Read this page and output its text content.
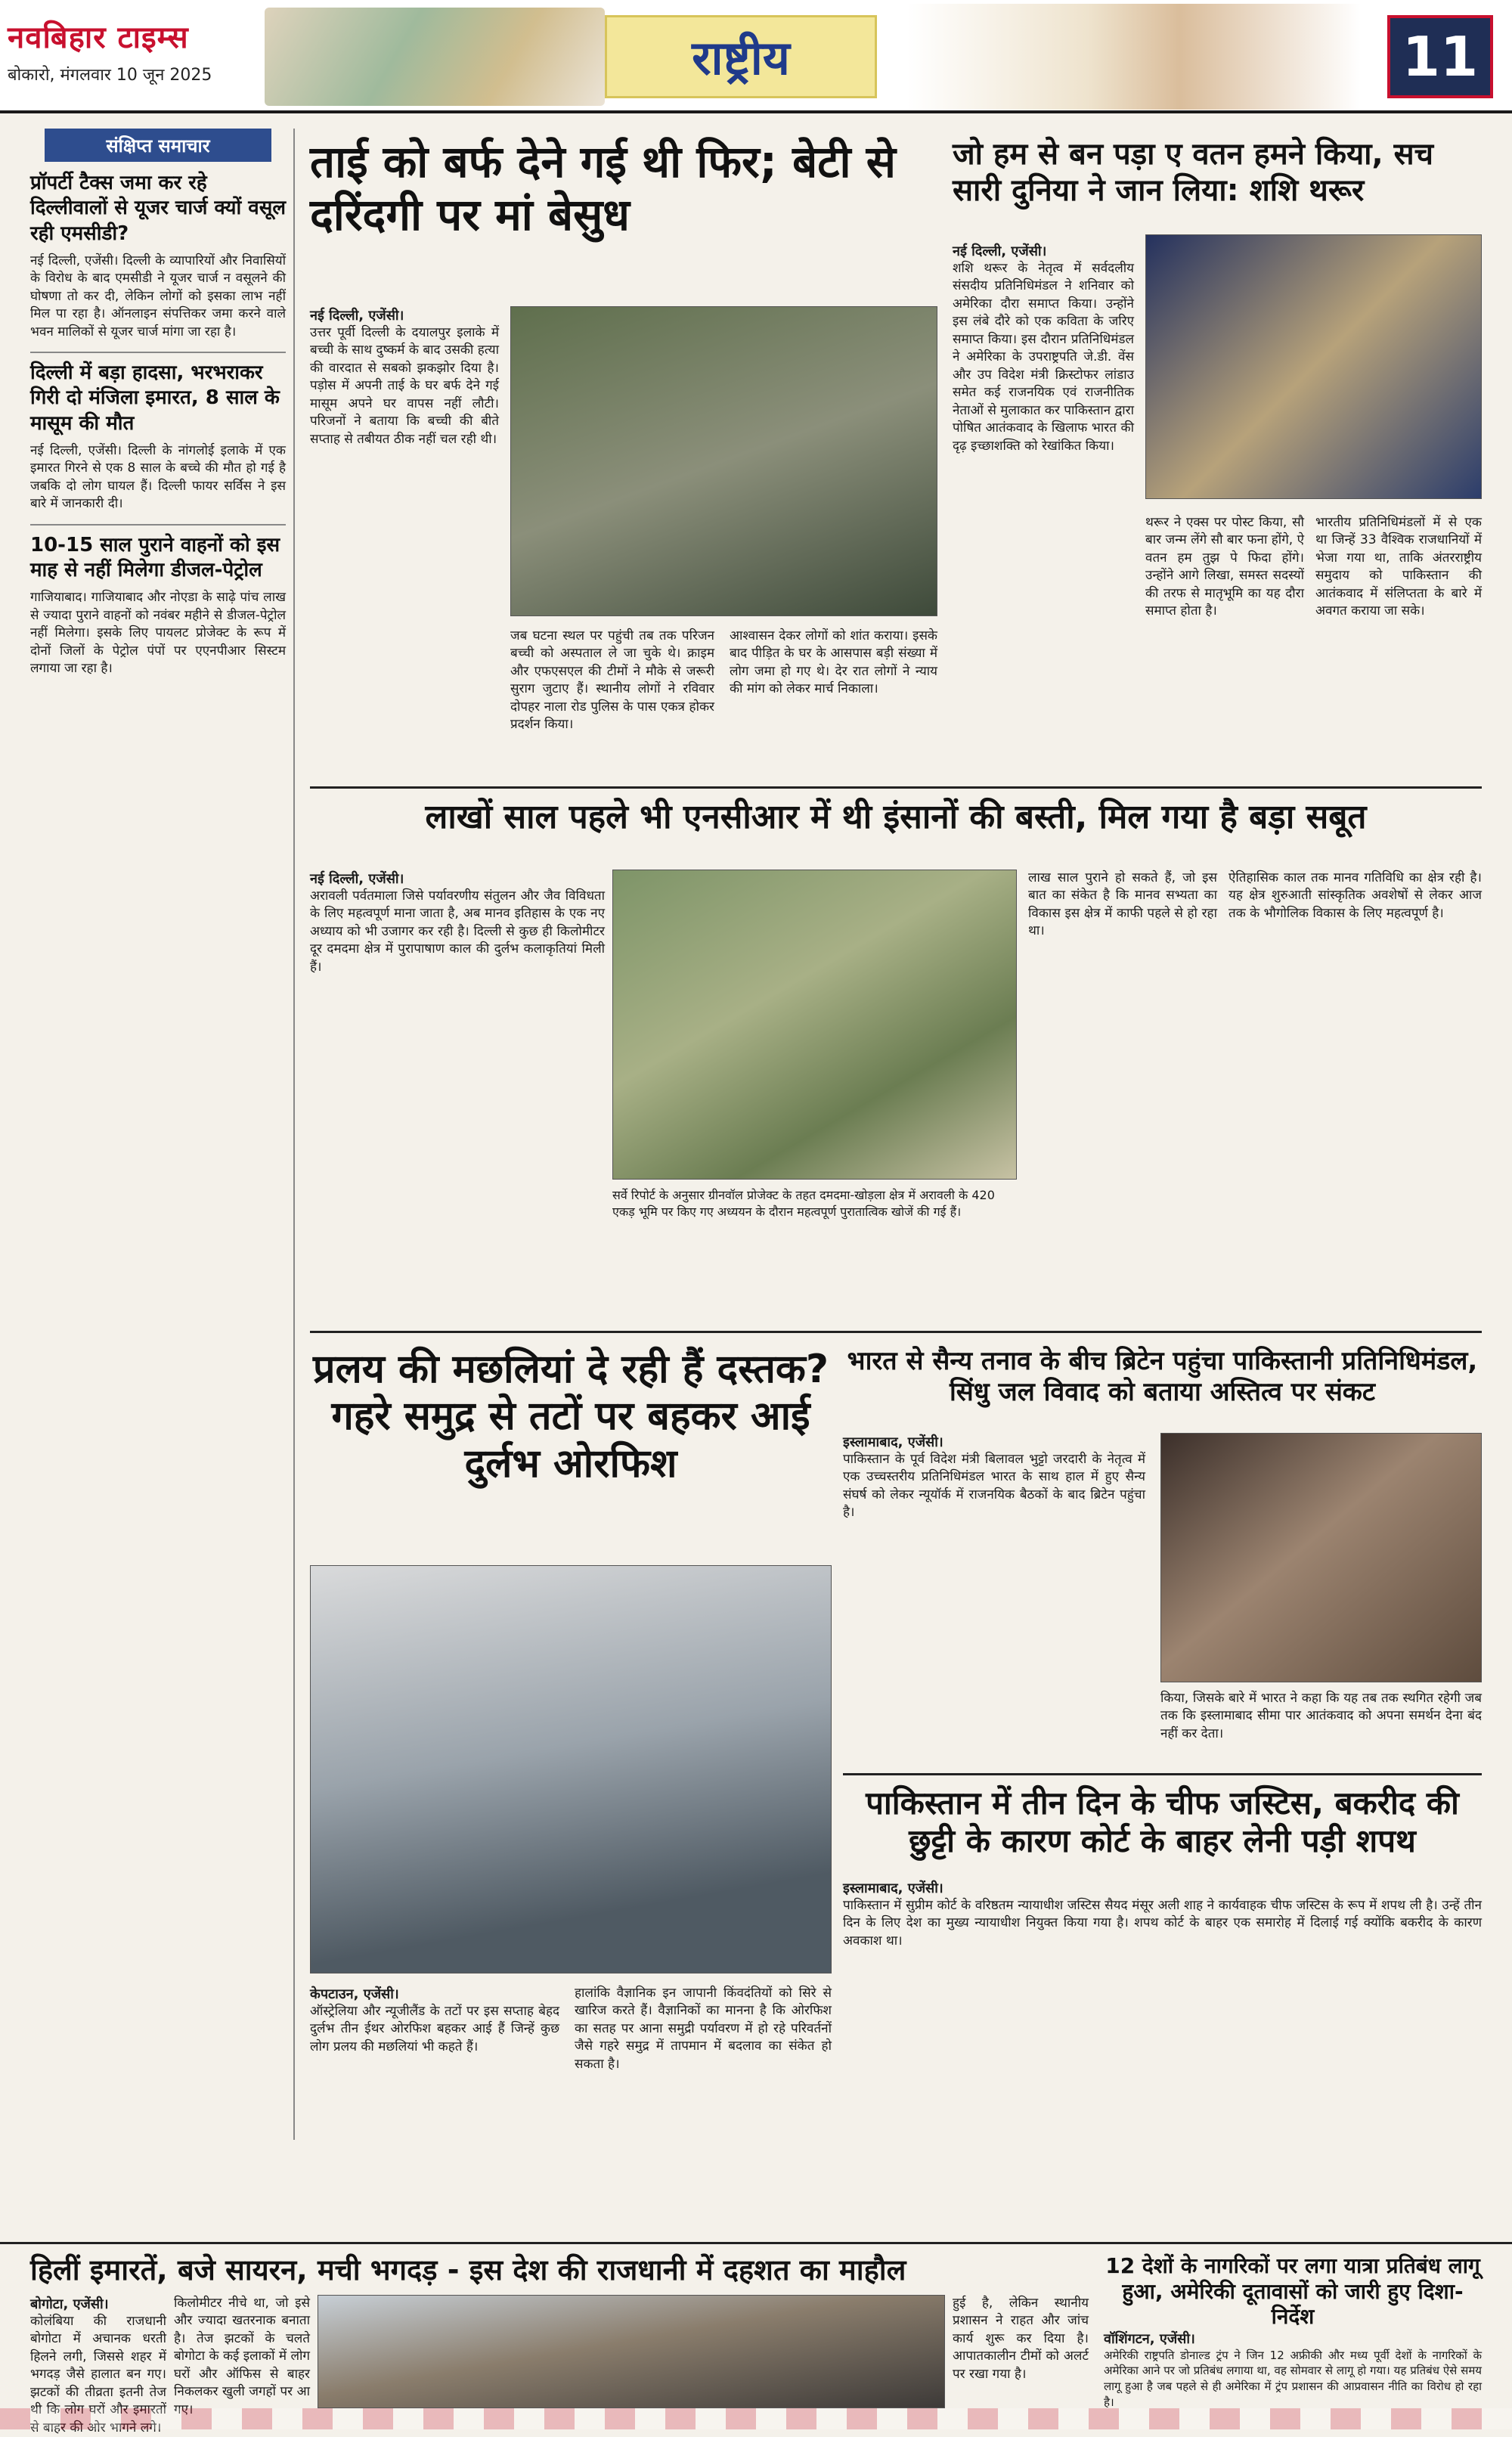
नवबिहार टाइम्स
बोकारो, मंगलवार 10 जून 2025	राष्ट्रीय	11
संक्षिप्त समाचार
प्रॉपर्टी टैक्स जमा कर रहे दिल्लीवालों से यूजर चार्ज क्यों वसूल रही एमसीडी?
नई दिल्ली, एजेंसी। दिल्ली के व्यापारियों और निवासियों के विरोध के बाद एमसीडी ने यूजर चार्ज न वसूलने की घोषणा तो कर दी, लेकिन लोगों को इसका लाभ नहीं मिल पा रहा है। ऑनलाइन संपत्तिकर जमा करने वाले भवन मालिकों से यूजर चार्ज मांगा जा रहा है।
दिल्ली में बड़ा हादसा, भरभराकर गिरी दो मंजिला इमारत, 8 साल के मासूम की मौत
नई दिल्ली, एजेंसी। दिल्ली के नांगलोई इलाके में एक इमारत गिरने से एक 8 साल के बच्चे की मौत हो गई है जबकि दो लोग घायल हैं। दिल्ली फायर सर्विस ने इस बारे में जानकारी दी।
10-15 साल पुराने वाहनों को इस माह से नहीं मिलेगा डीजल-पेट्रोल
गाजियाबाद। गाजियाबाद और नोएडा के साढ़े पांच लाख से ज्यादा पुराने वाहनों को नवंबर महीने से डीजल-पेट्रोल नहीं मिलेगा। इसके लिए पायलट प्रोजेक्ट के रूप में दोनों जिलों के पेट्रोल पंपों पर एएनपीआर सिस्टम लगाया जा रहा है।
ताई को बर्फ देने गई थी फिर; बेटी से दरिंदगी पर मां बेसुध
नई दिल्ली, एजेंसी।
उत्तर पूर्वी दिल्ली के दयालपुर इलाके में बच्ची के साथ दुष्कर्म के बाद उसकी हत्या की वारदात से सबको झकझोर दिया है। पड़ोस में अपनी ताई के घर बर्फ देने गई मासूम अपने घर वापस नहीं लौटी। परिजनों ने बताया कि बच्ची की बीते सप्ताह से तबीयत ठीक नहीं चल रही थी।
जब घटना स्थल पर पहुंची तब तक परिजन बच्ची को अस्पताल ले जा चुके थे। क्राइम और एफएसएल की टीमों ने मौके से जरूरी सुराग जुटाए हैं। स्थानीय लोगों ने रविवार दोपहर नाला रोड पुलिस के पास एकत्र होकर प्रदर्शन किया।
आश्वासन देकर लोगों को शांत कराया। इसके बाद पीड़ित के घर के आसपास बड़ी संख्या में लोग जमा हो गए थे। देर रात लोगों ने न्याय की मांग को लेकर मार्च निकाला।
जो हम से बन पड़ा ए वतन हमने किया, सच सारी दुनिया ने जान लिया: शशि थरूर
नई दिल्ली, एजेंसी।
शशि थरूर के नेतृत्व में सर्वदलीय संसदीय प्रतिनिधिमंडल ने शनिवार को अमेरिका दौरा समाप्त किया। उन्होंने इस लंबे दौरे को एक कविता के जरिए समाप्त किया। इस दौरान प्रतिनिधिमंडल ने अमेरिका के उपराष्ट्रपति जे.डी. वेंस और उप विदेश मंत्री क्रिस्टोफर लांडाउ समेत कई राजनयिक एवं राजनीतिक नेताओं से मुलाकात कर पाकिस्तान द्वारा पोषित आतंकवाद के खिलाफ भारत की दृढ़ इच्छाशक्ति को रेखांकित किया।
थरूर ने एक्स पर पोस्ट किया, सौ बार जन्म लेंगे सौ बार फना होंगे, ऐ वतन हम तुझ पे फिदा होंगे। उन्होंने आगे लिखा, समस्त सदस्यों की तरफ से मातृभूमि का यह दौरा समाप्त होता है।
भारतीय प्रतिनिधिमंडलों में से एक था जिन्हें 33 वैश्विक राजधानियों में भेजा गया था, ताकि अंतरराष्ट्रीय समुदाय को पाकिस्तान की आतंकवाद में संलिप्तता के बारे में अवगत कराया जा सके।
लाखों साल पहले भी एनसीआर में थी इंसानों की बस्ती, मिल गया है बड़ा सबूत
नई दिल्ली, एजेंसी।
अरावली पर्वतमाला जिसे पर्यावरणीय संतुलन और जैव विविधता के लिए महत्वपूर्ण माना जाता है, अब मानव इतिहास के एक नए अध्याय को भी उजागर कर रही है। दिल्ली से कुछ ही किलोमीटर दूर दमदमा क्षेत्र में पुरापाषाण काल की दुर्लभ कलाकृतियां मिली हैं।
सर्वे रिपोर्ट के अनुसार ग्रीनवॉल प्रोजेक्ट के तहत दमदमा-खोड़ला क्षेत्र में अरावली के 420 एकड़ भूमि पर किए गए अध्ययन के दौरान महत्वपूर्ण पुरातात्विक खोजें की गई हैं।
लाख साल पुराने हो सकते हैं, जो इस बात का संकेत है कि मानव सभ्यता का विकास इस क्षेत्र में काफी पहले से हो रहा था।
ऐतिहासिक काल तक मानव गतिविधि का क्षेत्र रही है। यह क्षेत्र शुरुआती सांस्कृतिक अवशेषों से लेकर आज तक के भौगोलिक विकास के लिए महत्वपूर्ण है।
प्रलय की मछलियां दे रही हैं दस्तक? गहरे समुद्र से तटों पर बहकर आई दुर्लभ ओरफिश
केपटाउन, एजेंसी।
ऑस्ट्रेलिया और न्यूजीलैंड के तटों पर इस सप्ताह बेहद दुर्लभ तीन ईथर ओरफिश बहकर आई हैं जिन्हें कुछ लोग प्रलय की मछलियां भी कहते हैं।
हालांकि वैज्ञानिक इन जापानी किंवदंतियों को सिरे से खारिज करते हैं। वैज्ञानिकों का मानना है कि ओरफिश का सतह पर आना समुद्री पर्यावरण में हो रहे परिवर्तनों जैसे गहरे समुद्र में तापमान में बदलाव का संकेत हो सकता है।
भारत से सैन्य तनाव के बीच ब्रिटेन पहुंचा पाकिस्तानी प्रतिनिधिमंडल, सिंधु जल विवाद को बताया अस्तित्व पर संकट
इस्लामाबाद, एजेंसी।
पाकिस्तान के पूर्व विदेश मंत्री बिलावल भुट्टो जरदारी के नेतृत्व में एक उच्चस्तरीय प्रतिनिधिमंडल भारत के साथ हाल में हुए सैन्य संघर्ष को लेकर न्यूयॉर्क में राजनयिक बैठकों के बाद ब्रिटेन पहुंचा है।
किया, जिसके बारे में भारत ने कहा कि यह तब तक स्थगित रहेगी जब तक कि इस्लामाबाद सीमा पार आतंकवाद को अपना समर्थन देना बंद नहीं कर देता।
पाकिस्तान में तीन दिन के चीफ जस्टिस, बकरीद की छुट्टी के कारण कोर्ट के बाहर लेनी पड़ी शपथ
इस्लामाबाद, एजेंसी।
पाकिस्तान में सुप्रीम कोर्ट के वरिष्ठतम न्यायाधीश जस्टिस सैयद मंसूर अली शाह ने कार्यवाहक चीफ जस्टिस के रूप में शपथ ली है। उन्हें तीन दिन के लिए देश का मुख्य न्यायाधीश नियुक्त किया गया है। शपथ कोर्ट के बाहर एक समारोह में दिलाई गई क्योंकि बकरीद के कारण अवकाश था।
हिलीं इमारतें, बजे सायरन, मची भगदड़ - इस देश की राजधानी में दहशत का माहौल
बोगोटा, एजेंसी।
कोलंबिया की राजधानी बोगोटा में अचानक धरती हिलने लगी, जिससे शहर में भगदड़ जैसे हालात बन गए। झटकों की तीव्रता इतनी तेज थी कि लोग घरों और इमारतों से बाहर की ओर भागने लगे।
किलोमीटर नीचे था, जो इसे और ज्यादा खतरनाक बनाता है। तेज झटकों के चलते बोगोटा के कई इलाकों में लोग घरों और ऑफिस से बाहर निकलकर खुली जगहों पर आ गए।
हुई है, लेकिन स्थानीय प्रशासन ने राहत और जांच कार्य शुरू कर दिया है। आपातकालीन टीमों को अलर्ट पर रखा गया है।
12 देशों के नागरिकों पर लगा यात्रा प्रतिबंध लागू हुआ, अमेरिकी दूतावासों को जारी हुए दिशा-निर्देश
वॉशिंगटन, एजेंसी।
अमेरिकी राष्ट्रपति डोनाल्ड ट्रंप ने जिन 12 अफ्रीकी और मध्य पूर्वी देशों के नागरिकों के अमेरिका आने पर जो प्रतिबंध लगाया था, वह सोमवार से लागू हो गया। यह प्रतिबंध ऐसे समय लागू हुआ है जब पहले से ही अमेरिका में ट्रंप प्रशासन की आप्रवासन नीति का विरोध हो रहा है।
